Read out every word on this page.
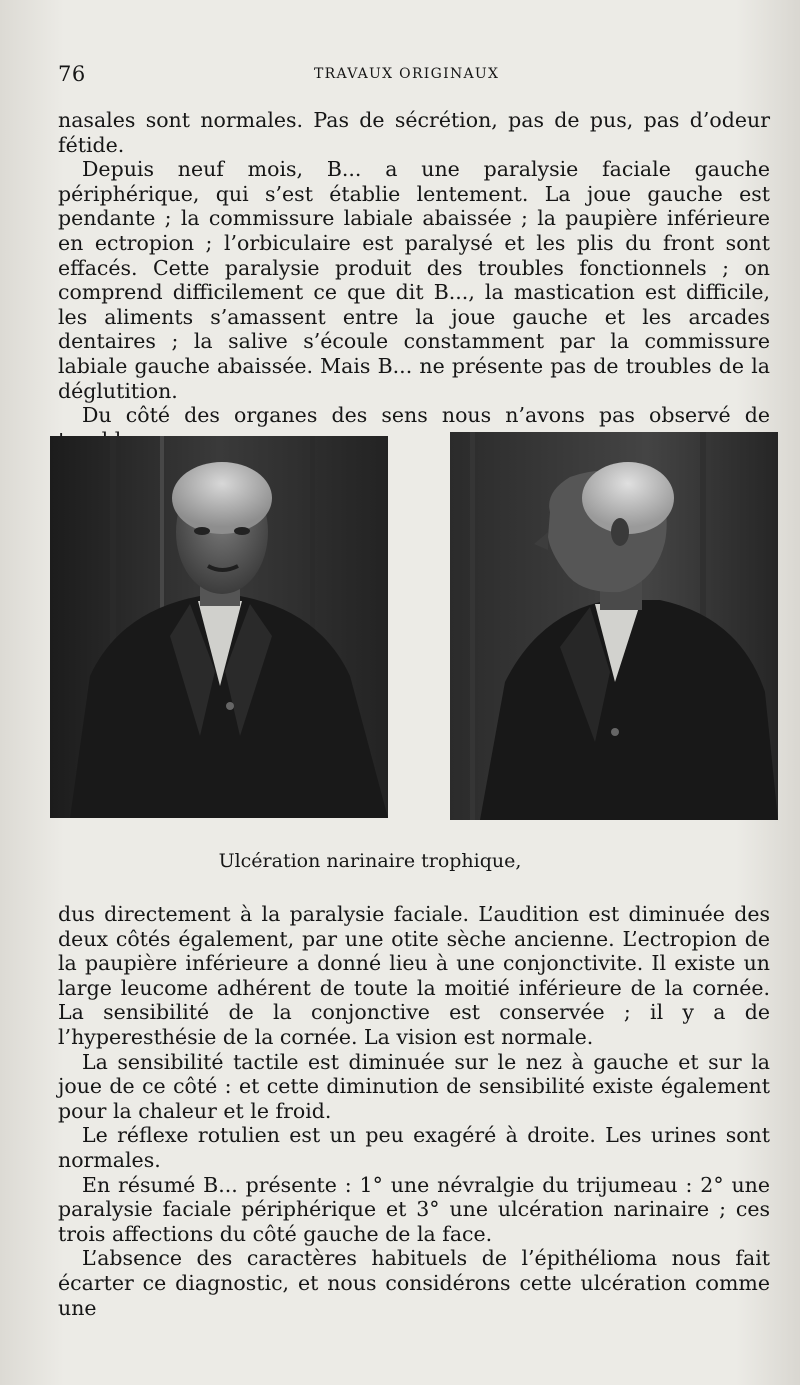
76	TRAVAUX ORIGINAUX

nasales sont normales. Pas de sécrétion, pas de pus, pas d’odeur fétide.

Depuis neuf mois, B... a une paralysie faciale gauche périphérique, qui s’est établie lentement. La joue gauche est pendante ; la commissure labiale abaissée ; la paupière inférieure en ectropion ; l’orbiculaire est paralysé et les plis du front sont effacés. Cette paralysie produit des troubles fonctionnels ; on comprend difficilement ce que dit B..., la mastication est difficile, les aliments s’amassent entre la joue gauche et les arcades dentaires ; la salive s’écoule constamment par la commissure labiale gauche abaissée. Mais B... ne présente pas de troubles de la déglutition.

Du côté des organes des sens nous n’avons pas observé de

Ulcération narinaire trophique,

dus directement à la paralysie faciale. L’audition est diminuée des deux côtés également, par une otite sèche ancienne. L’ectropion de la paupière inférieure a donné lieu à une conjonctivite. Il existe un large leucome adhérent de toute la moitié inférieure de la cornée. La sensibilité de la conjonctive est conservée ; il y a de l’hyperesthésie de la cornée. La vision est normale.

La sensibilité tactile est diminuée sur le nez à gauche et sur la joue de ce côté : et cette diminution de sensibilité existe également pour la chaleur et le froid.

Le réflexe rotulien est un peu exagéré à droite. Les urines sont normales.

En résumé B... présente : 1° une névralgie du trijumeau : 2° une paralysie faciale périphérique et 3° une ulcération narinaire ; ces trois affections du côté gauche de la face.

L’absence des caractères habituels de l’épithélioma nous fait écarter ce diagnostic, et nous considérons cette ulcération comme une
